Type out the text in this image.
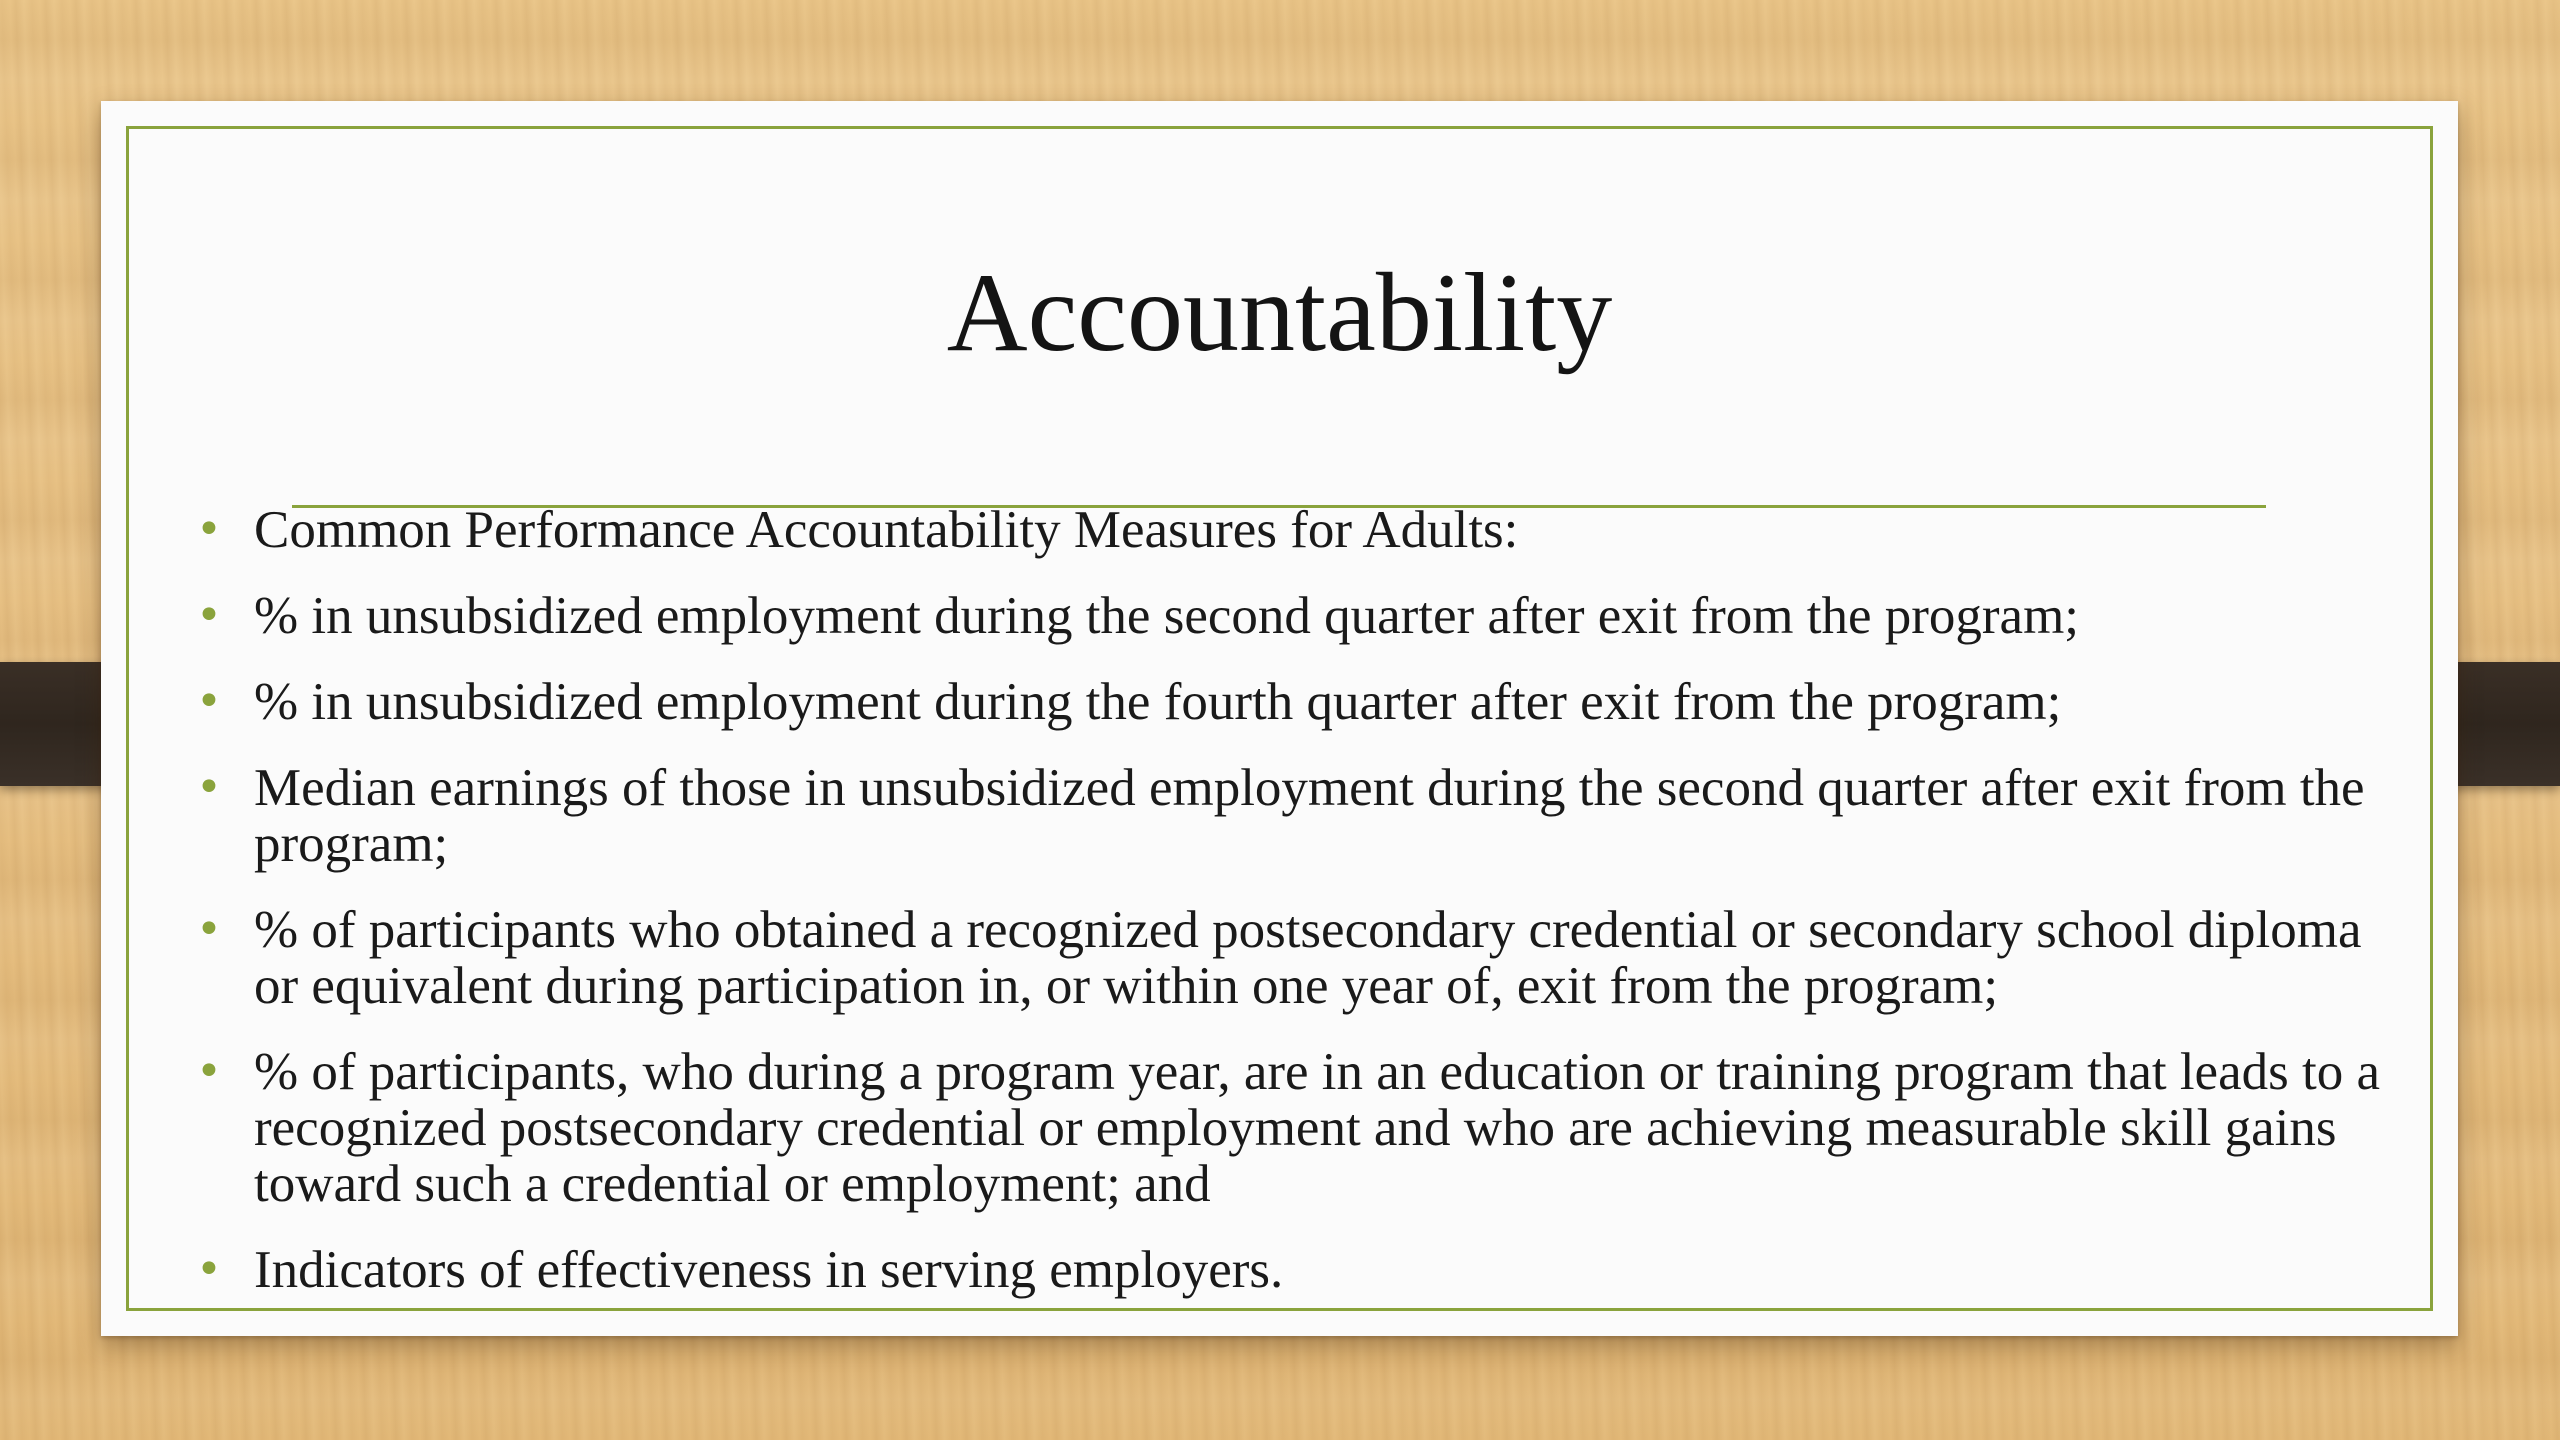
Accountability
• Common Performance Accountability Measures for Adults:
• % in unsubsidized employment during the second quarter after exit from the program;
• % in unsubsidized employment during the fourth quarter after exit from the program;
• Median earnings of those in unsubsidized employment during the second quarter after exit from the program;
• % of participants who obtained a recognized postsecondary credential or secondary school diploma or equivalent during participation in, or within one year of, exit from the program;
• % of participants, who during a program year, are in an education or training program that leads to a recognized postsecondary credential or employment and who are achieving measurable skill gains toward such a credential or employment; and
• Indicators of effectiveness in serving employers.
